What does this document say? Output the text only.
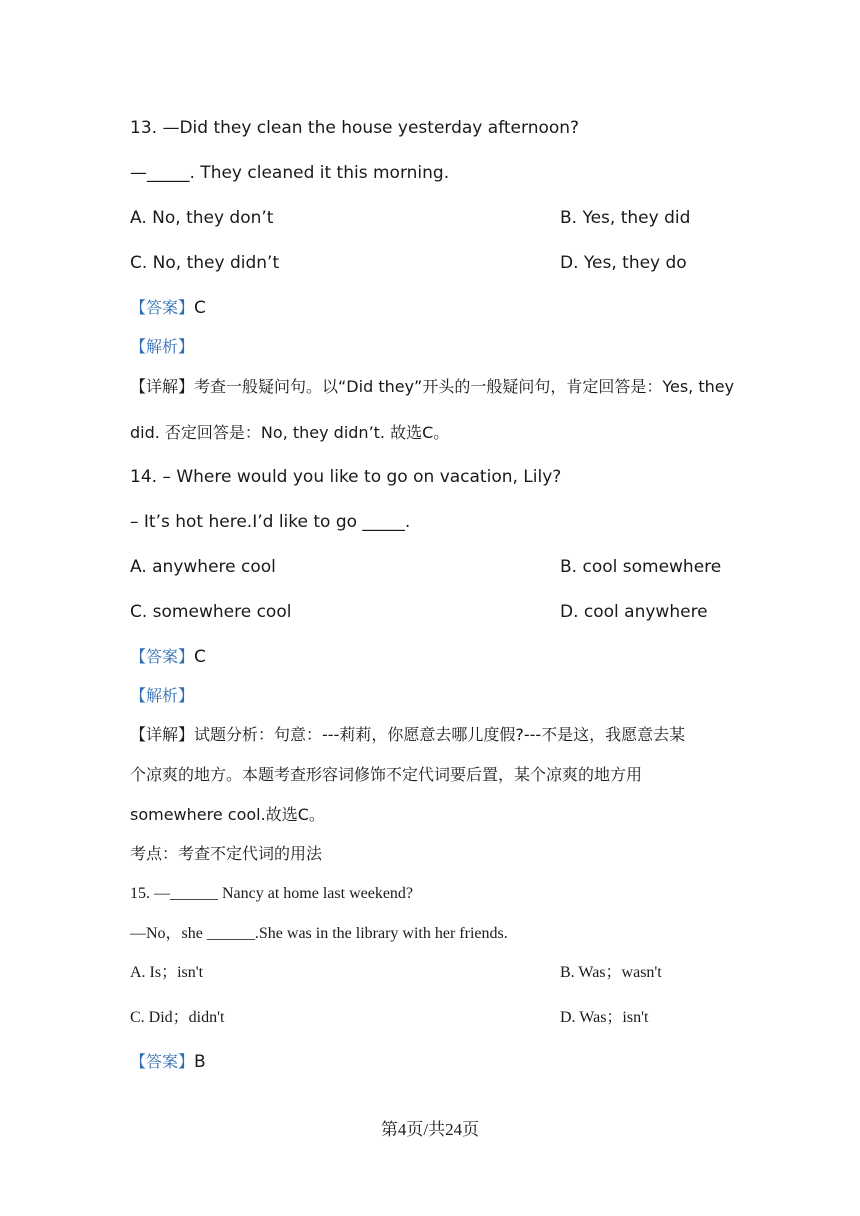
13. —Did they clean the house yesterday afternoon?
—_____. They cleaned it this morning.
A. No, they don’t	B. Yes, they did
C. No, they didn’t	D. Yes, they do
【答案】C
【解析】
【详解】考查一般疑问句。以“Did they”开头的一般疑问句，肯定回答是：Yes, they
did. 否定回答是：No, they didn’t. 故选C。
14. – Where would you like to go on vacation, Lily?
– It’s hot here.I’d like to go _____.
A. anywhere cool	B. cool somewhere
C. somewhere cool	D. cool anywhere
【答案】C
【解析】
【详解】试题分析：句意：---莉莉，你愿意去哪儿度假?---不是这，我愿意去某
个凉爽的地方。本题考查形容词修饰不定代词要后置，某个凉爽的地方用
somewhere cool.故选C。
考点：考查不定代词的用法
15. —______ Nancy at home last weekend?
—No，she ______.She was in the library with her friends.
A. Is；isn't	B. Was；wasn't
C. Did；didn't	D. Was；isn't
【答案】B
第4页/共24页
